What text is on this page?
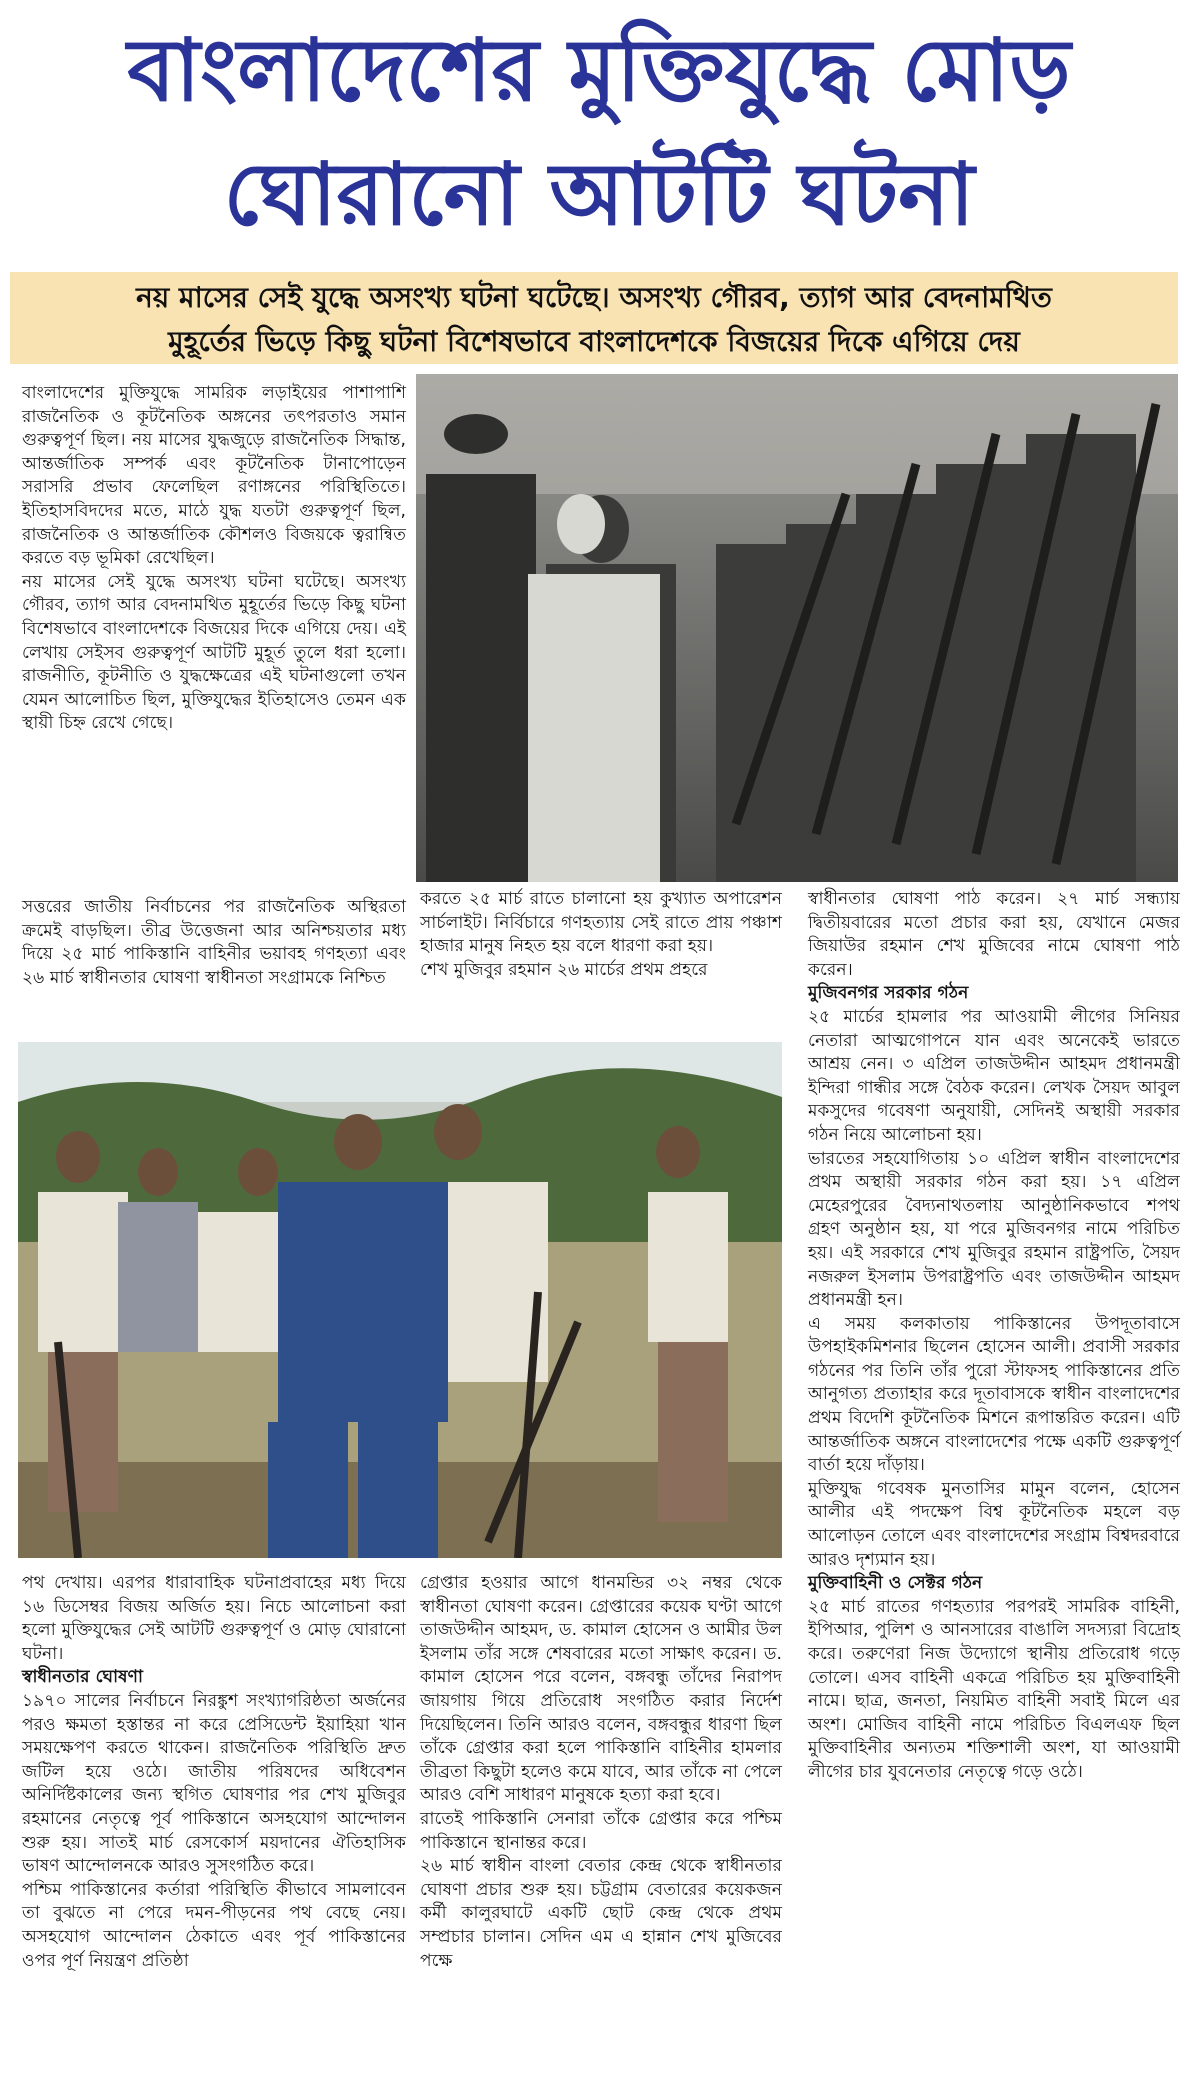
বাংলাদেশের মুক্তিযুদ্ধে মোড়
ঘোরানো আটটি ঘটনা
নয় মাসের সেই যুদ্ধে অসংখ্য ঘটনা ঘটেছে। অসংখ্য গৌরব, ত্যাগ আর বেদনামথিত
মুহূর্তের ভিড়ে কিছু ঘটনা বিশেষভাবে বাংলাদেশকে বিজয়ের দিকে এগিয়ে দেয়

বাংলাদেশের মুক্তিযুদ্ধে সামরিক লড়াইয়ের পাশাপাশি রাজনৈতিক ও কূটনৈতিক অঙ্গনের তৎপরতাও সমান গুরুত্বপূর্ণ ছিল। নয় মাসের যুদ্ধজুড়ে রাজনৈতিক সিদ্ধান্ত, আন্তর্জাতিক সম্পর্ক এবং কূটনৈতিক টানাপোড়েন সরাসরি প্রভাব ফেলেছিল রণাঙ্গনের পরিস্থিতিতে। ইতিহাসবিদদের মতে, মাঠে যুদ্ধ যতটা গুরুত্বপূর্ণ ছিল, রাজনৈতিক ও আন্তর্জাতিক কৌশলও বিজয়কে ত্বরান্বিত করতে বড় ভূমিকা রেখেছিল।

নয় মাসের সেই যুদ্ধে অসংখ্য ঘটনা ঘটেছে। অসংখ্য গৌরব, ত্যাগ আর বেদনামথিত মুহূর্তের ভিড়ে কিছু ঘটনা বিশেষভাবে বাংলাদেশকে বিজয়ের দিকে এগিয়ে দেয়। এই লেখায় সেইসব গুরুত্বপূর্ণ আটটি মুহূর্ত তুলে ধরা হলো। রাজনীতি, কূটনীতি ও যুদ্ধক্ষেত্রের এই ঘটনাগুলো তখন যেমন আলোচিত ছিল, মুক্তিযুদ্ধের ইতিহাসেও তেমন এক স্থায়ী চিহ্ন রেখে গেছে।

সত্তরের জাতীয় নির্বাচনের পর রাজনৈতিক অস্থিরতা ক্রমেই বাড়ছিল। তীব্র উত্তেজনা আর অনিশ্চয়তার মধ্য দিয়ে ২৫ মার্চ পাকিস্তানি বাহিনীর ভয়াবহ গণহত্যা এবং ২৬ মার্চ স্বাধীনতার ঘোষণা স্বাধীনতা সংগ্রামকে নিশ্চিত

করতে ২৫ মার্চ রাতে চালানো হয় কুখ্যাত অপারেশন সার্চলাইট। নির্বিচারে গণহত্যায় সেই রাতে প্রায় পঞ্চাশ হাজার মানুষ নিহত হয় বলে ধারণা করা হয়।

শেখ মুজিবুর রহমান ২৬ মার্চের প্রথম প্রহরে

স্বাধীনতার ঘোষণা পাঠ করেন। ২৭ মার্চ সন্ধ্যায় দ্বিতীয়বারের মতো প্রচার করা হয়, যেখানে মেজর জিয়াউর রহমান শেখ মুজিবের নামে ঘোষণা পাঠ করেন।

মুজিবনগর সরকার গঠন

২৫ মার্চের হামলার পর আওয়ামী লীগের সিনিয়র নেতারা আত্মগোপনে যান এবং অনেকেই ভারতে আশ্রয় নেন। ৩ এপ্রিল তাজউদ্দীন আহমদ প্রধানমন্ত্রী ইন্দিরা গান্ধীর সঙ্গে বৈঠক করেন। লেখক সৈয়দ আবুল মকসুদের গবেষণা অনুযায়ী, সেদিনই অস্থায়ী সরকার গঠন নিয়ে আলোচনা হয়।

ভারতের সহযোগিতায় ১০ এপ্রিল স্বাধীন বাংলাদেশের প্রথম অস্থায়ী সরকার গঠন করা হয়। ১৭ এপ্রিল মেহেরপুরের বৈদ্যনাথতলায় আনুষ্ঠানিকভাবে শপথ গ্রহণ অনুষ্ঠান হয়, যা পরে মুজিবনগর নামে পরিচিত হয়। এই সরকারে শেখ মুজিবুর রহমান রাষ্ট্রপতি, সৈয়দ নজরুল ইসলাম উপরাষ্ট্রপতি এবং তাজউদ্দীন আহমদ প্রধানমন্ত্রী হন।

এ সময় কলকাতায় পাকিস্তানের উপদূতাবাসে উপহাইকমিশনার ছিলেন হোসেন আলী। প্রবাসী সরকার গঠনের পর তিনি তাঁর পুরো স্টাফসহ পাকিস্তানের প্রতি আনুগত্য প্রত্যাহার করে দূতাবাসকে স্বাধীন বাংলাদেশের প্রথম বিদেশি কূটনৈতিক মিশনে রূপান্তরিত করেন। এটি আন্তর্জাতিক অঙ্গনে বাংলাদেশের পক্ষে একটি গুরুত্বপূর্ণ বার্তা হয়ে দাঁড়ায়।

মুক্তিযুদ্ধ গবেষক মুনতাসির মামুন বলেন, হোসেন আলীর এই পদক্ষেপ বিশ্ব কূটনৈতিক মহলে বড় আলোড়ন তোলে এবং বাংলাদেশের সংগ্রাম বিশ্বদরবারে আরও দৃশ্যমান হয়।

মুক্তিবাহিনী ও সেক্টর গঠন

২৫ মার্চ রাতের গণহত্যার পরপরই সামরিক বাহিনী, ইপিআর, পুলিশ ও আনসারের বাঙালি সদস্যরা বিদ্রোহ করে। তরুণেরা নিজ উদ্যোগে স্থানীয় প্রতিরোধ গড়ে তোলে। এসব বাহিনী একত্রে পরিচিত হয় মুক্তিবাহিনী নামে। ছাত্র, জনতা, নিয়মিত বাহিনী সবাই মিলে এর অংশ। মোজিব বাহিনী নামে পরিচিত বিএলএফ ছিল মুক্তিবাহিনীর অন্যতম শক্তিশালী অংশ, যা আওয়ামী লীগের চার যুবনেতার নেতৃত্বে গড়ে ওঠে।

পথ দেখায়। এরপর ধারাবাহিক ঘটনাপ্রবাহের মধ্য দিয়ে ১৬ ডিসেম্বর বিজয় অর্জিত হয়। নিচে আলোচনা করা হলো মুক্তিযুদ্ধের সেই আটটি গুরুত্বপূর্ণ ও মোড় ঘোরানো ঘটনা।

স্বাধীনতার ঘোষণা

১৯৭০ সালের নির্বাচনে নিরঙ্কুশ সংখ্যাগরিষ্ঠতা অর্জনের পরও ক্ষমতা হস্তান্তর না করে প্রেসিডেন্ট ইয়াহিয়া খান সময়ক্ষেপণ করতে থাকেন। রাজনৈতিক পরিস্থিতি দ্রুত জটিল হয়ে ওঠে। জাতীয় পরিষদের অধিবেশন অনির্দিষ্টকালের জন্য স্থগিত ঘোষণার পর শেখ মুজিবুর রহমানের নেতৃত্বে পূর্ব পাকিস্তানে অসহযোগ আন্দোলন শুরু হয়। সাতই মার্চ রেসকোর্স ময়দানের ঐতিহাসিক ভাষণ আন্দোলনকে আরও সুসংগঠিত করে।

পশ্চিম পাকিস্তানের কর্তারা পরিস্থিতি কীভাবে সামলাবেন তা বুঝতে না পেরে দমন-পীড়নের পথ বেছে নেয়। অসহযোগ আন্দোলন ঠেকাতে এবং পূর্ব পাকিস্তানের ওপর পূর্ণ নিয়ন্ত্রণ প্রতিষ্ঠা

গ্রেপ্তার হওয়ার আগে ধানমন্ডির ৩২ নম্বর থেকে স্বাধীনতা ঘোষণা করেন। গ্রেপ্তারের কয়েক ঘণ্টা আগে তাজউদ্দীন আহমদ, ড. কামাল হোসেন ও আমীর উল ইসলাম তাঁর সঙ্গে শেষবারের মতো সাক্ষাৎ করেন। ড. কামাল হোসেন পরে বলেন, বঙ্গবন্ধু তাঁদের নিরাপদ জায়গায় গিয়ে প্রতিরোধ সংগঠিত করার নির্দেশ দিয়েছিলেন। তিনি আরও বলেন, বঙ্গবন্ধুর ধারণা ছিল তাঁকে গ্রেপ্তার করা হলে পাকিস্তানি বাহিনীর হামলার তীব্রতা কিছুটা হলেও কমে যাবে, আর তাঁকে না পেলে আরও বেশি সাধারণ মানুষকে হত্যা করা হবে।

রাতেই পাকিস্তানি সেনারা তাঁকে গ্রেপ্তার করে পশ্চিম পাকিস্তানে স্থানান্তর করে।

২৬ মার্চ স্বাধীন বাংলা বেতার কেন্দ্র থেকে স্বাধীনতার ঘোষণা প্রচার শুরু হয়। চট্টগ্রাম বেতারের কয়েকজন কর্মী কালুরঘাটে একটি ছোট কেন্দ্র থেকে প্রথম সম্প্রচার চালান। সেদিন এম এ হান্নান শেখ মুজিবের পক্ষে
